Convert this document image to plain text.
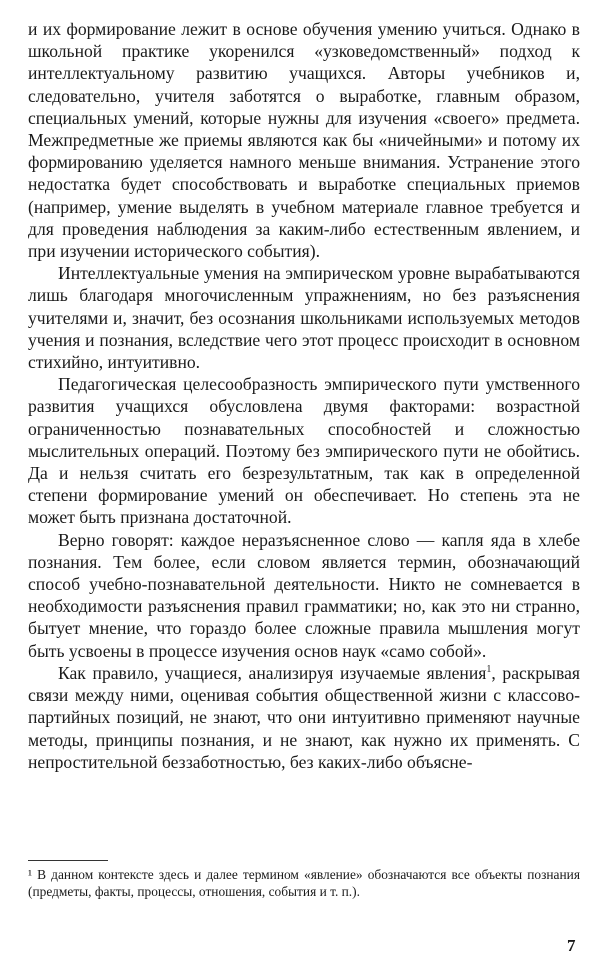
и их формирование лежит в основе обучения умению учиться. Однако в школьной практике укоренился «узковедомственный» подход к интеллектуальному развитию учащихся. Авторы учебников и, следовательно, учителя заботятся о выработке, главным образом, специальных умений, которые нужны для изучения «своего» предмета. Межпредметные же приемы являются как бы «ничейными» и потому их формированию уделяется намного меньше внимания. Устранение этого недостатка будет способствовать и выработке специальных приемов (например, умение выделять в учебном материале главное требуется и для проведения наблюдения за каким-либо естественным явлением, и при изучении исторического события).

Интеллектуальные умения на эмпирическом уровне вырабатываются лишь благодаря многочисленным упражнениям, но без разъяснения учителями и, значит, без осознания школьниками используемых методов учения и познания, вследствие чего этот процесс происходит в основном стихийно, интуитивно.

Педагогическая целесообразность эмпирического пути умственного развития учащихся обусловлена двумя факторами: возрастной ограниченностью познавательных способностей и сложностью мыслительных операций. Поэтому без эмпирического пути не обойтись. Да и нельзя считать его безрезультатным, так как в определенной степени формирование умений он обеспечивает. Но степень эта не может быть признана достаточной.

Верно говорят: каждое неразъясненное слово — капля яда в хлебе познания. Тем более, если словом является термин, обозначающий способ учебно-познавательной деятельности. Никто не сомневается в необходимости разъяснения правил грамматики; но, как это ни странно, бытует мнение, что гораздо более сложные правила мышления могут быть усвоены в процессе изучения основ наук «само собой».

Как правило, учащиеся, анализируя изучаемые явления$^1$, раскрывая связи между ними, оценивая события общественной жизни с классово-партийных позиций, не знают, что они интуитивно применяют научные методы, принципы познания, и не знают, как нужно их применять. С непростительной беззаботностью, без каких-либо объясне-

¹ В данном контексте здесь и далее термином «явление» обозначаются все объекты познания (предметы, факты, процессы, отношения, события и т. п.).

7
